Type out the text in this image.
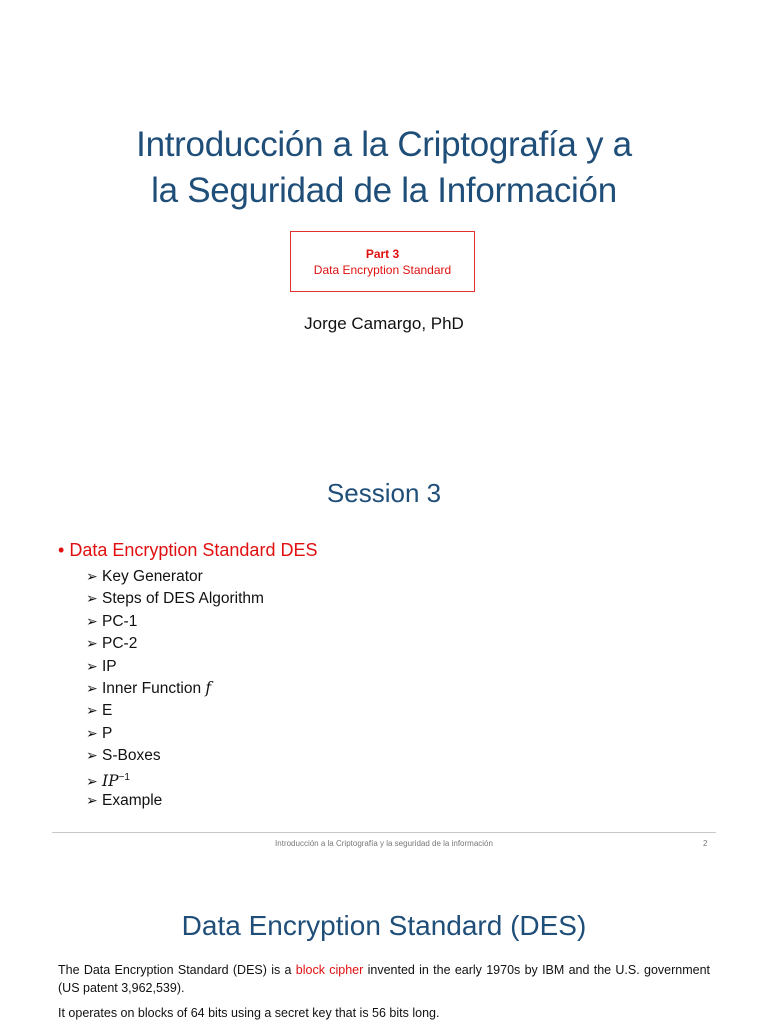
Introducción a la Criptografía y a
la Seguridad de la Información
Part 3
Data Encryption Standard
Jorge Camargo, PhD
Session 3
• Data Encryption Standard DES
➢ Key Generator
➢ Steps of DES Algorithm
➢ PC-1
➢ PC-2
➢ IP
➢ Inner Function f
➢ E
➢ P
➢ S-Boxes
➢ $IP^{-1}$
➢ Example
Introducción a la Criptografía y la seguridad de la información	2
Data Encryption Standard (DES)
The Data Encryption Standard (DES) is a block cipher invented in the early 1970s by IBM and the U.S. government (US patent 3,962,539).
It operates on blocks of 64 bits using a secret key that is 56 bits long.
